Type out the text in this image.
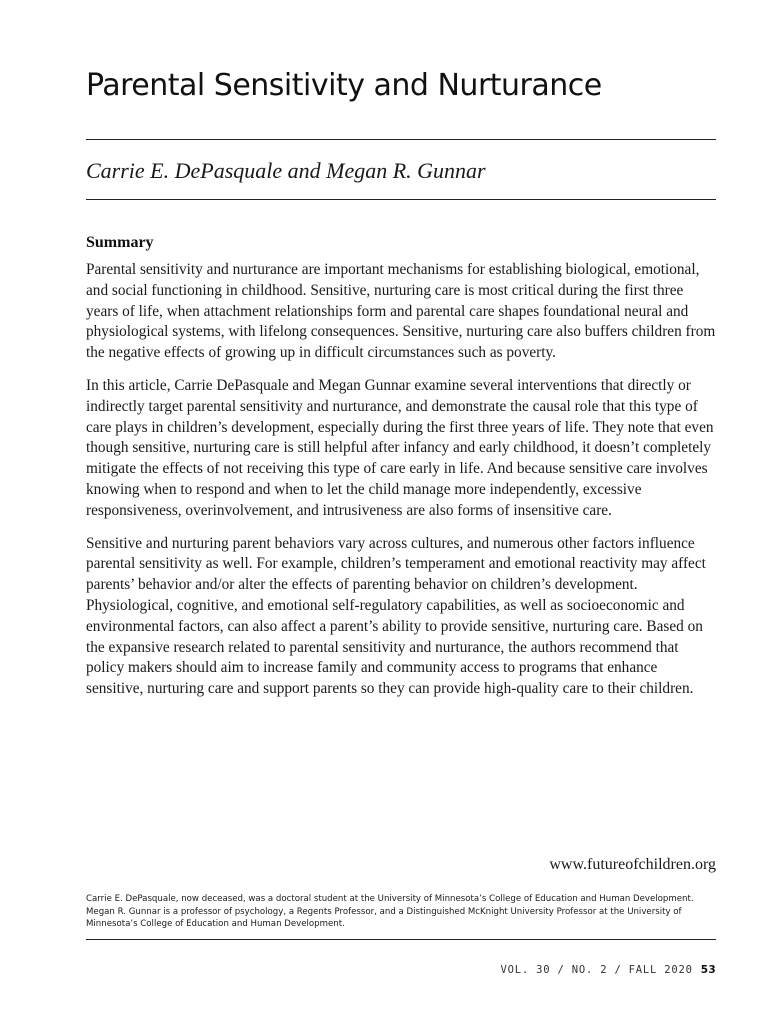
Parental Sensitivity and Nurturance
Carrie E. DePasquale and Megan R. Gunnar
Summary

Parental sensitivity and nurturance are important mechanisms for establishing biological, emotional, and social functioning in childhood. Sensitive, nurturing care is most critical during the first three years of life, when attachment relationships form and parental care shapes foundational neural and physiological systems, with lifelong consequences. Sensitive, nurturing care also buffers children from the negative effects of growing up in difficult circumstances such as poverty.

In this article, Carrie DePasquale and Megan Gunnar examine several interventions that directly or indirectly target parental sensitivity and nurturance, and demonstrate the causal role that this type of care plays in children’s development, especially during the first three years of life. They note that even though sensitive, nurturing care is still helpful after infancy and early childhood, it doesn’t completely mitigate the effects of not receiving this type of care early in life. And because sensitive care involves knowing when to respond and when to let the child manage more independently, excessive responsiveness, overinvolvement, and intrusiveness are also forms of insensitive care.

Sensitive and nurturing parent behaviors vary across cultures, and numerous other factors influence parental sensitivity as well. For example, children’s temperament and emotional reactivity may affect parents’ behavior and/or alter the effects of parenting behavior on children’s development. Physiological, cognitive, and emotional self-regulatory capabilities, as well as socioeconomic and environmental factors, can also affect a parent’s ability to provide sensitive, nurturing care. Based on the expansive research related to parental sensitivity and nurturance, the authors recommend that policy makers should aim to increase family and community access to programs that enhance sensitive, nurturing care and support parents so they can provide high-quality care to their children.

www.futureofchildren.org
Carrie E. DePasquale, now deceased, was a doctoral student at the University of Minnesota’s College of Education and Human Development. Megan R. Gunnar is a professor of psychology, a Regents Professor, and a Distinguished McKnight University Professor at the University of Minnesota’s College of Education and Human Development.
VOL. 30 / NO. 2 / FALL 2020 53
